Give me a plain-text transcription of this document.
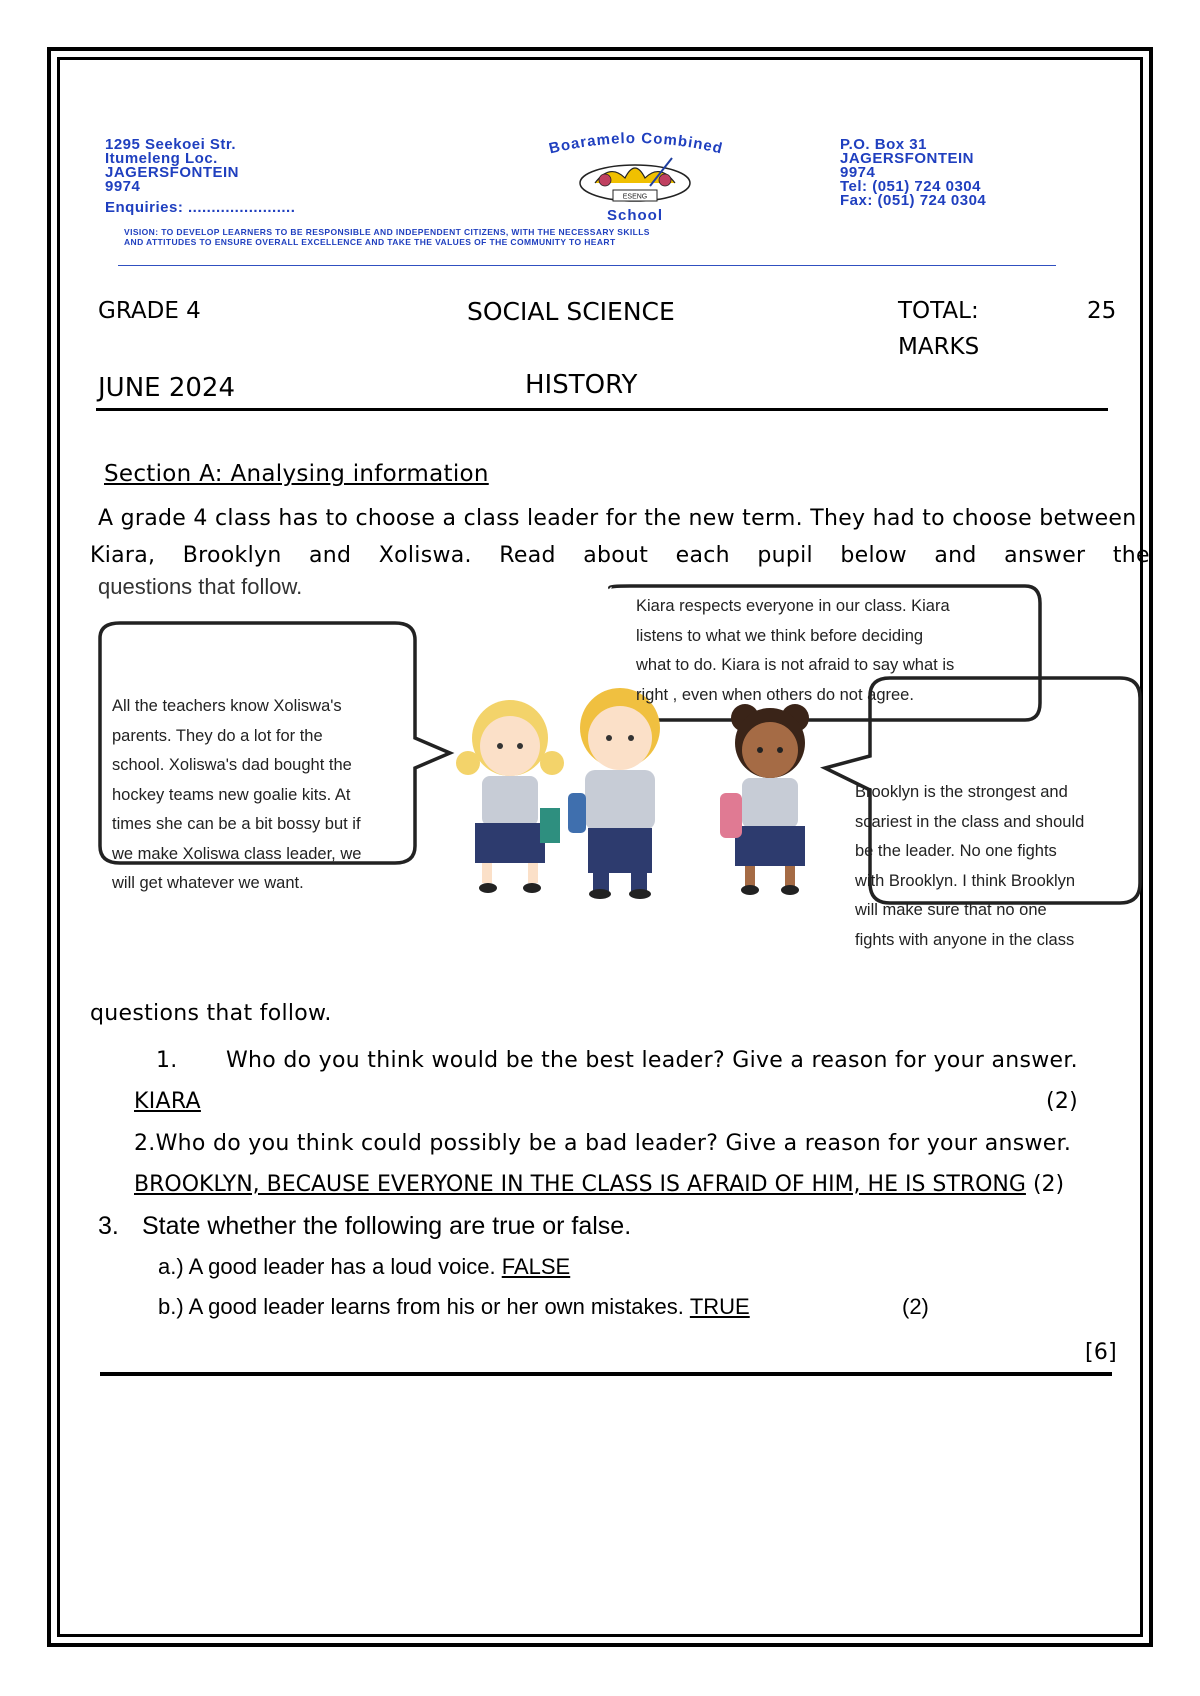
1295 Seekoei Str.
Itumeleng Loc.
JAGERSFONTEIN
9974
Enquiries: .......................
Boaramelo Combined
ESENG
School
P.O. Box 31
JAGERSFONTEIN
9974
Tel: (051) 724 0304
Fax: (051) 724 0304
VISION: TO DEVELOP LEARNERS TO BE RESPONSIBLE AND INDEPENDENT CITIZENS, WITH THE NECESSARY SKILLS
AND ATTITUDES TO ENSURE OVERALL EXCELLENCE AND TAKE THE VALUES OF THE COMMUNITY TO HEART
GRADE 4	SOCIAL SCIENCE	TOTAL:	25
MARKS
JUNE 2024	HISTORY
Section A: Analysing information
A grade 4 class has to choose a class leader for the new term. They had to choose between
Kiara, Brooklyn and Xoliswa. Read about each pupil below and answer the
questions that follow.
Kiara respects everyone in our class. Kiara
listens to what we think before deciding
what to do. Kiara is not afraid to say what is
right , even when others do not agree.
All the teachers know Xoliswa's
parents. They do a lot for the
school. Xoliswa's dad bought the
hockey teams new goalie kits. At
times she can be a bit bossy but if
we make Xoliswa class leader, we
will get whatever we want.
Brooklyn is the strongest and
scariest in the class and should
be the leader. No one fights
with Brooklyn. I think Brooklyn
will make sure that no one
fights with anyone in the class
questions that follow.
1. Who do you think would be the best leader? Give a reason for your answer.
KIARA	(2)
2.Who do you think could possibly be a bad leader? Give a reason for your answer.
BROOKLYN, BECAUSE EVERYONE IN THE CLASS IS AFRAID OF HIM, HE IS STRONG (2)
3. State whether the following are true or false.
a.) A good leader has a loud voice. FALSE
b.) A good leader learns from his or her own mistakes. TRUE	(2)
[6]
